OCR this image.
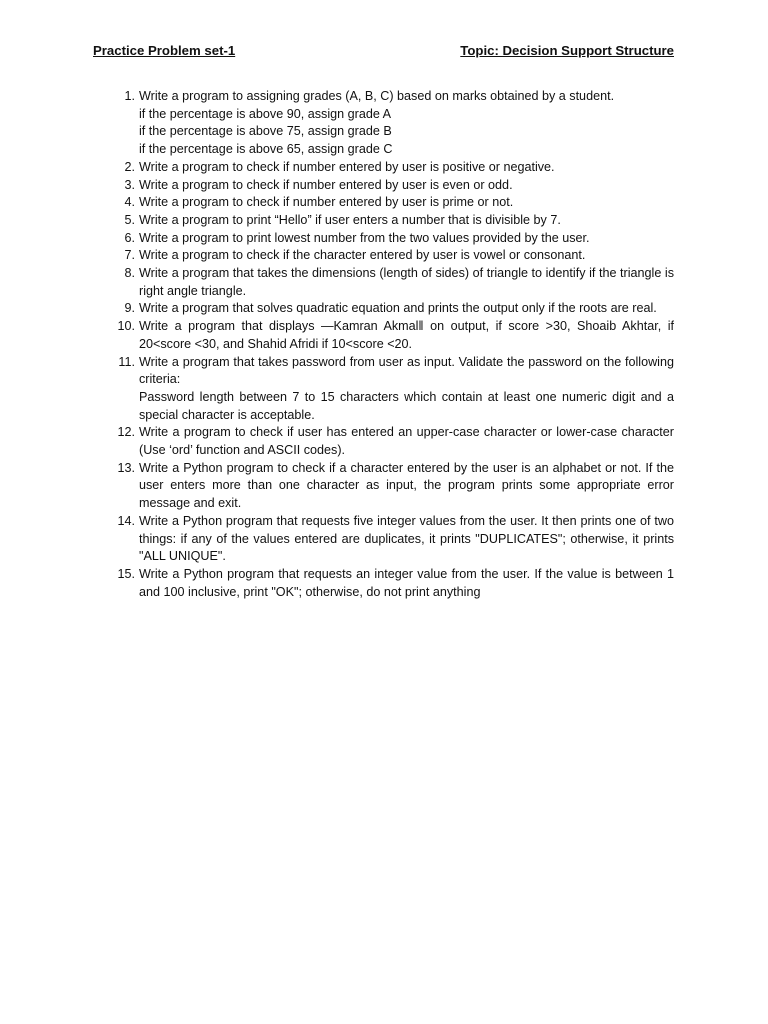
Practice Problem set-1	Topic: Decision Support Structure
1. Write a program to assigning grades (A, B, C) based on marks obtained by a student.
if the percentage is above 90, assign grade A
if the percentage is above 75, assign grade B
if the percentage is above 65, assign grade C
2. Write a program to check if number entered by user is positive or negative.
3. Write a program to check if number entered by user is even or odd.
4. Write a program to check if number entered by user is prime or not.
5. Write a program to print “Hello” if user enters a number that is divisible by 7.
6. Write a program to print lowest number from the two values provided by the user.
7. Write a program to check if the character entered by user is vowel or consonant.
8. Write a program that takes the dimensions (length of sides) of triangle to identify if the triangle is right angle triangle.
9. Write a program that solves quadratic equation and prints the output only if the roots are real.
10. Write a program that displays ―Kamran Akmal‖ on output, if score >30, Shoaib Akhtar, if 20<score <30, and Shahid Afridi if 10<score <20.
11. Write a program that takes password from user as input. Validate the password on the following criteria:
Password length between 7 to 15 characters which contain at least one numeric digit and a special character is acceptable.
12. Write a program to check if user has entered an upper-case character or lower-case character (Use ‘ord’ function and ASCII codes).
13. Write a Python program to check if a character entered by the user is an alphabet or not. If the user enters more than one character as input, the program prints some appropriate error message and exit.
14. Write a Python program that requests five integer values from the user. It then prints one of two things: if any of the values entered are duplicates, it prints "DUPLICATES"; otherwise, it prints "ALL UNIQUE".
15. Write a Python program that requests an integer value from the user. If the value is between 1 and 100 inclusive, print "OK"; otherwise, do not print anything
